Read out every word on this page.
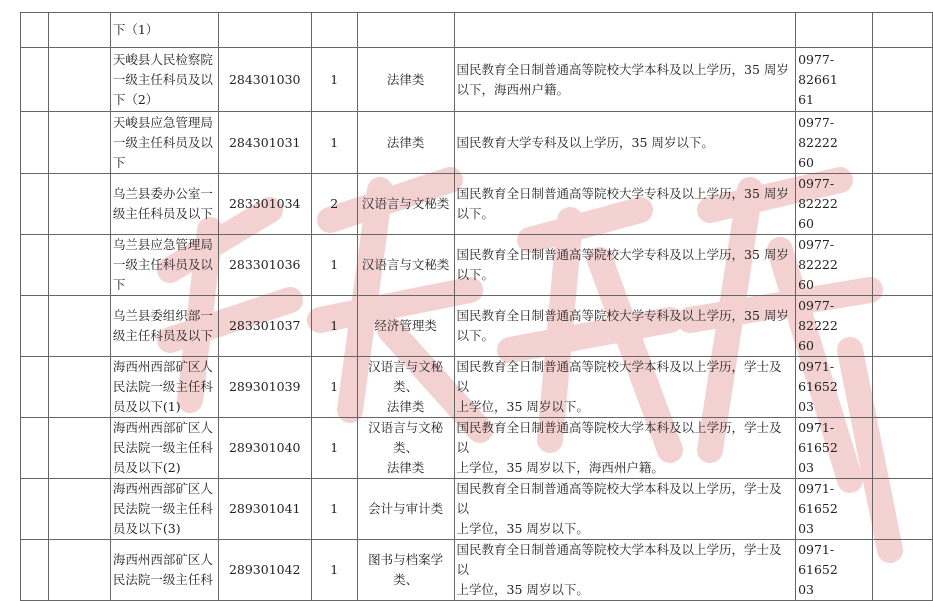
		下（1）						

		天峻县人民检察院
一级主任科员及以
下（2）	284301030	1	法律类	国民教育全日制普通高等院校大学本科及以上学历，35 周岁
以下，海西州户籍。	0977- 82661
61	

		天峻县应急管理局
一级主任科员及以
下	284301031	1	法律类	国民教育大学专科及以上学历，35 周岁以下。	0977- 82222
60	

		乌兰县委办公室一
级主任科员及以下	283301034	2	汉语言与文秘类	国民教育全日制普通高等院校大学专科及以上学历，35 周岁
以下。	0977- 82222
60	

		乌兰县应急管理局
一级主任科员及以
下	283301036	1	汉语言与文秘类	国民教育全日制普通高等院校大学专科及以上学历，35 周岁
以下。	0977-82222
60	

		乌兰县委组织部一
级主任科员及以下	283301037	1	经济管理类	国民教育全日制普通高等院校大学专科及以上学历，35 周岁
以下。	0977-82222
60	

		海西州西部矿区人
民法院一级主任科
员及以下(1)	289301039	1	汉语言与文秘
类、
法律类	国民教育全日制普通高等院校大学本科及以上学历，学士及以
上学位，35 周岁以下。	0971-61652
03	

		海西州西部矿区人
民法院一级主任科
员及以下(2)	289301040	1	汉语言与文秘
类、
法律类	国民教育全日制普通高等院校大学本科及以上学历，学士及以
上学位，35 周岁以下，海西州户籍。	0971-61652
03	

		海西州西部矿区人
民法院一级主任科
员及以下(3)	289301041	1	会计与审计类	国民教育全日制普通高等院校大学本科及以上学历，学士及以
上学位，35 周岁以下。	0971-61652
03	

		海西州西部矿区人
民法院一级主任科	289301042	1	图书与档案学
类、	国民教育全日制普通高等院校大学本科及以上学历，学士及以
上学位，35 周岁以下。	0971-61652
03	
